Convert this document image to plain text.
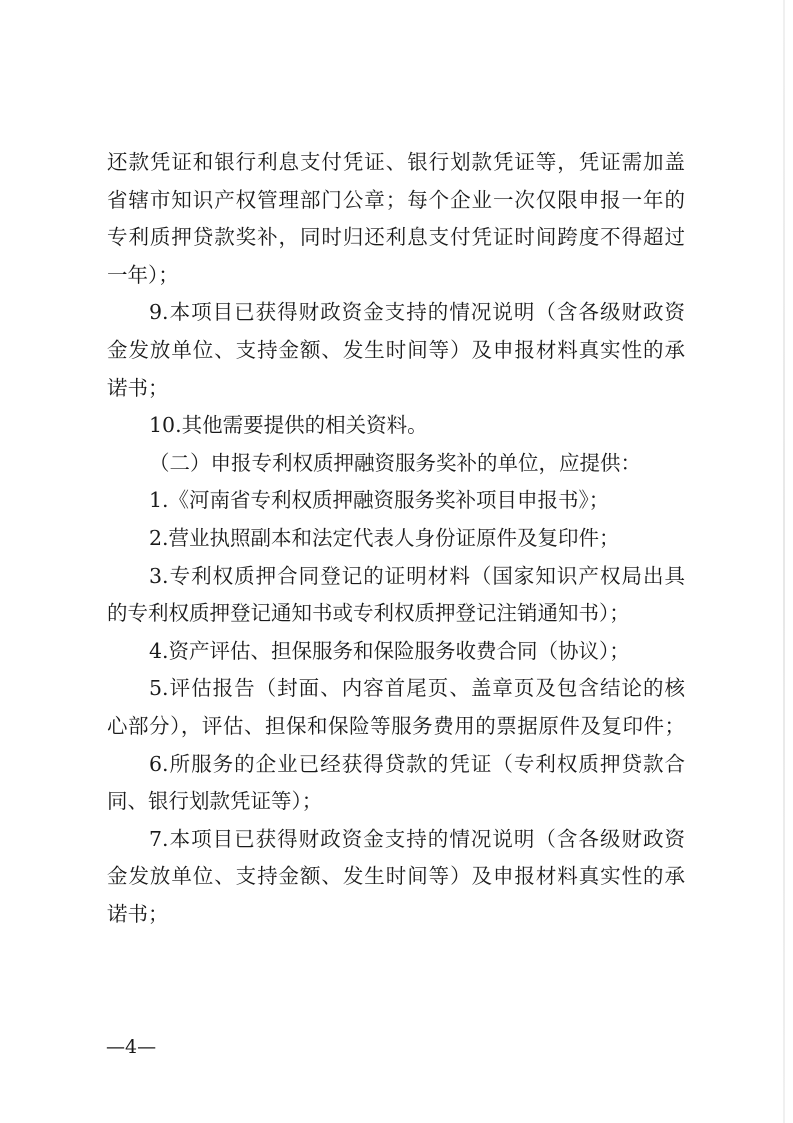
还款凭证和银行利息支付凭证、银行划款凭证等，凭证需加盖
省辖市知识产权管理部门公章；每个企业一次仅限申报一年的
专利质押贷款奖补，同时归还利息支付凭证时间跨度不得超过
一年）；
9.本项目已获得财政资金支持的情况说明（含各级财政资
金发放单位、支持金额、发生时间等）及申报材料真实性的承
诺书；
10.其他需要提供的相关资料。
（二）申报专利权质押融资服务奖补的单位，应提供：
1.《河南省专利权质押融资服务奖补项目申报书》；
2.营业执照副本和法定代表人身份证原件及复印件；
3.专利权质押合同登记的证明材料（国家知识产权局出具
的专利权质押登记通知书或专利权质押登记注销通知书）；
4.资产评估、担保服务和保险服务收费合同（协议）；
5.评估报告（封面、内容首尾页、盖章页及包含结论的核
心部分），评估、担保和保险等服务费用的票据原件及复印件；
6.所服务的企业已经获得贷款的凭证（专利权质押贷款合
同、银行划款凭证等）；
7.本项目已获得财政资金支持的情况说明（含各级财政资
金发放单位、支持金额、发生时间等）及申报材料真实性的承
诺书；
—4—
